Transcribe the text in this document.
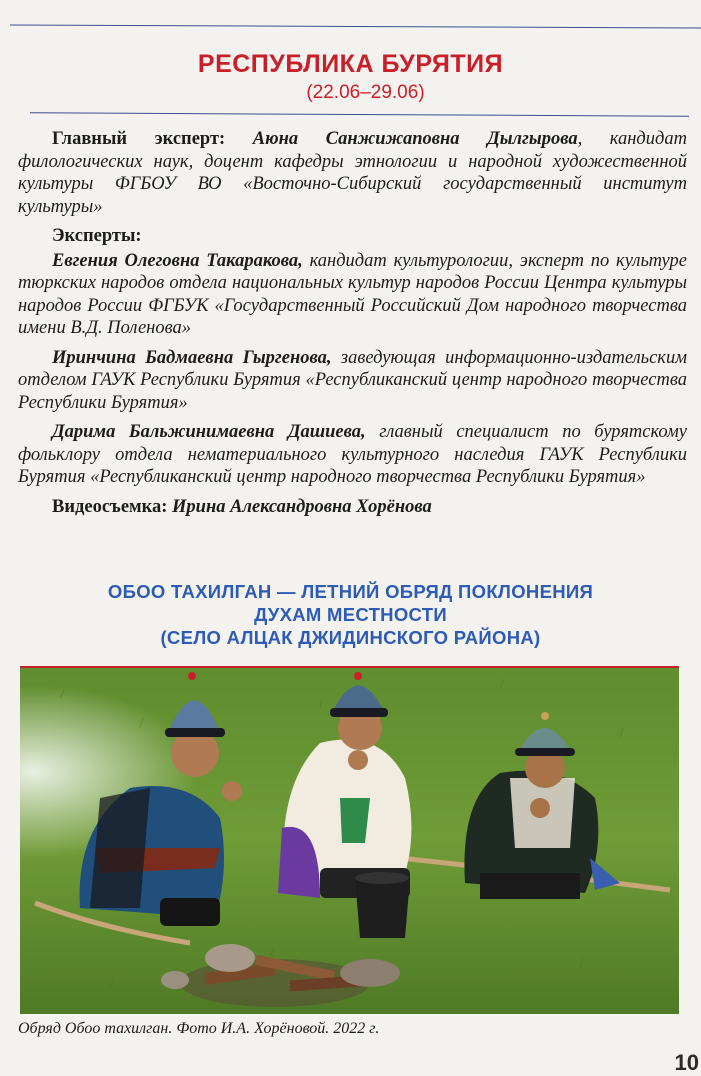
РЕСПУБЛИКА БУРЯТИЯ
(22.06–29.06)

Главный эксперт: Аюна Санжижаповна Дылгырова, кандидат филологических наук, доцент кафедры этнологии и народной художественной культуры ФГБОУ ВО «Восточно-Сибирский государственный институт культуры»

Эксперты:

Евгения Олеговна Такаракова, кандидат культурологии, эксперт по культуре тюркских народов отдела национальных культур народов России Центра культуры народов России ФГБУК «Государственный Российский Дом народного творчества имени В.Д. Поленова»

Иринчина Бадмаевна Гыргенова, заведующая информационно-издательским отделом ГАУК Республики Бурятия «Республиканский центр народного творчества Республики Бурятия»

Дарима Бальжинимаевна Дашиева, главный специалист по бурятскому фольклору отдела нематериального культурного наследия ГАУК Республики Бурятия «Республиканский центр народного творчества Республики Бурятия»

Видеосъемка: Ирина Александровна Хорёнова

ОБОО ТАХИЛГАН — ЛЕТНИЙ ОБРЯД ПОКЛОНЕНИЯ
ДУХАМ МЕСТНОСТИ
(СЕЛО АЛЦАК ДЖИДИНСКОГО РАЙОНА)
Обряд Обоо тахилган. Фото И.А. Хорёновой. 2022 г.
10
